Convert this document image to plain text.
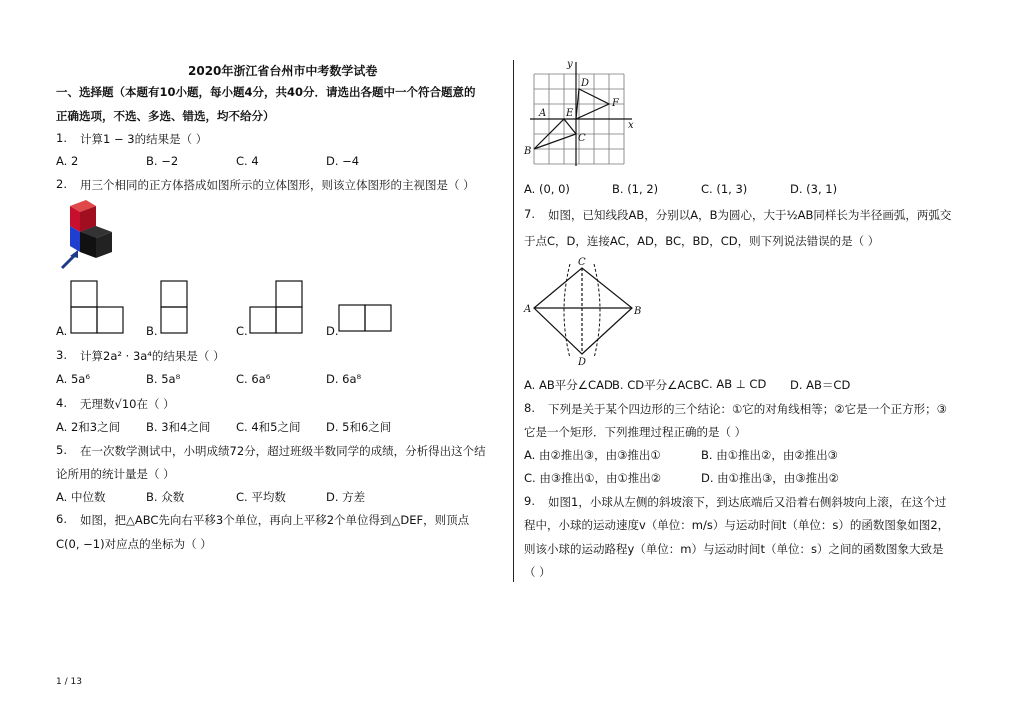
2020年浙江省台州市中考数学试卷
一、选择题（本题有10小题，每小题4分，共40分．请选出各题中一个符合题意的
正确选项，不选、多选、错选，均不给分）
1. 计算1 − 3的结果是（ ）
A. 2	B. −2	C. 4	D. −4
2. 用三个相同的正方体搭成如图所示的立体图形，则该立体图形的主视图是（ ）
A.	B.	C.	D.
3. 计算2a² · 3a⁴的结果是（ ）
A. 5a⁶	B. 5a⁸	C. 6a⁶	D. 6a⁸
4. 无理数√10在（ ）
A. 2和3之间 B. 3和4之间 C. 4和5之间 D. 5和6之间
5. 在一次数学测试中，小明成绩72分，超过班级半数同学的成绩，分析得出这个结
论所用的统计量是（ ）
A. 中位数	B. 众数	C. 平均数	D. 方差
6. 如图，把△ABC先向右平移3个单位，再向上平移2个单位得到△DEF，则顶点
C(0, −1)对应点的坐标为（ ）
y
x
A
B
C
D
E
F
A. (0, 0)	B. (1, 2)	C. (1, 3)	D. (3, 1)
7. 如图，已知线段AB，分别以A，B为圆心，大于½AB同样长为半径画弧，两弧交
于点C，D，连接AC，AD，BC，BD，CD，则下列说法错误的是（ ）
A	B
C
D
A. AB平分∠CAD B. CD平分∠ACB C. AB ⊥ CD D. AB＝CD
8. 下列是关于某个四边形的三个结论：①它的对角线相等；②它是一个正方形；③
它是一个矩形．下列推理过程正确的是（ ）
A. 由②推出③，由③推出①	B. 由①推出②，由②推出③
C. 由③推出①，由①推出②	D. 由①推出③，由③推出②
9. 如图1，小球从左侧的斜坡滚下，到达底端后又沿着右侧斜坡向上滚，在这个过
程中，小球的运动速度v（单位：m/s）与运动时间t（单位：s）的函数图象如图2，
则该小球的运动路程y（单位：m）与运动时间t（单位：s）之间的函数图象大致是
（ ）
1 / 13
